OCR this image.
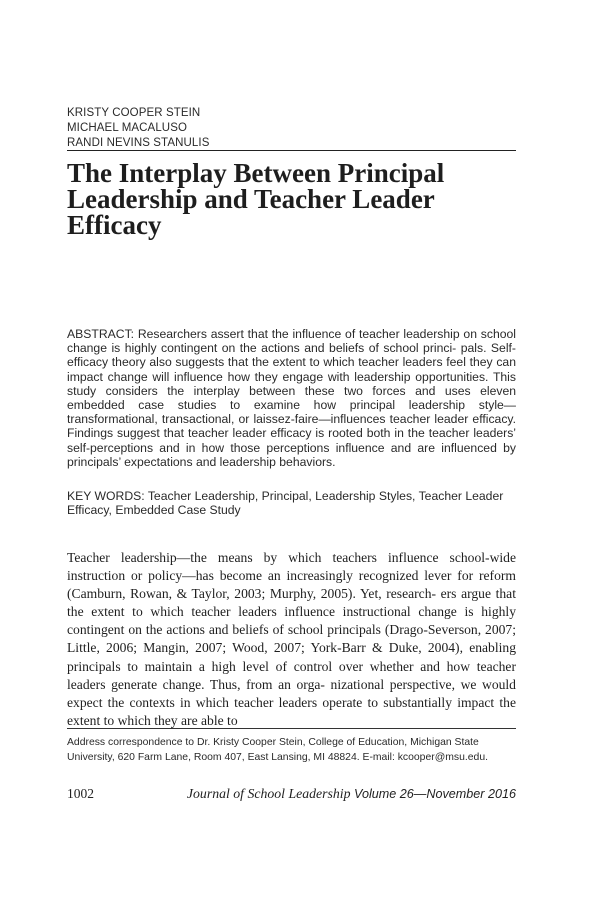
KRISTY COOPER STEIN
MICHAEL MACALUSO
RANDI NEVINS STANULIS
The Interplay Between Principal
Leadership and Teacher Leader
Efficacy

ABSTRACT: Researchers assert that the influence of teacher leadership on school change is highly contingent on the actions and beliefs of school princi- pals. Self-efficacy theory also suggests that the extent to which teacher leaders feel they can impact change will influence how they engage with leadership opportunities. This study considers the interplay between these two forces and uses eleven embedded case studies to examine how principal leadership style—transformational, transactional, or laissez-faire—influences teacher leader efficacy. Findings suggest that teacher leader efficacy is rooted both in the teacher leaders’ self-perceptions and in how those perceptions influence and are influenced by principals’ expectations and leadership behaviors.

KEY WORDS: Teacher Leadership, Principal, Leadership Styles, Teacher Leader
Efficacy, Embedded Case Study

Teacher leadership—the means by which teachers influence school-wide instruction or policy—has become an increasingly recognized lever for reform (Camburn, Rowan, & Taylor, 2003; Murphy, 2005). Yet, research- ers argue that the extent to which teacher leaders influence instructional change is highly contingent on the actions and beliefs of school principals (Drago-Severson, 2007; Little, 2006; Mangin, 2007; Wood, 2007; York-Barr & Duke, 2004), enabling principals to maintain a high level of control over whether and how teacher leaders generate change. Thus, from an orga- nizational perspective, we would expect the contexts in which teacher leaders operate to substantially impact the extent to which they are able to

Address correspondence to Dr. Kristy Cooper Stein, College of Education, Michigan State
University, 620 Farm Lane, Room 407, East Lansing, MI 48824. E-mail: kcooper@msu.edu.

1002	Journal of School Leadership Volume 26—November 2016
